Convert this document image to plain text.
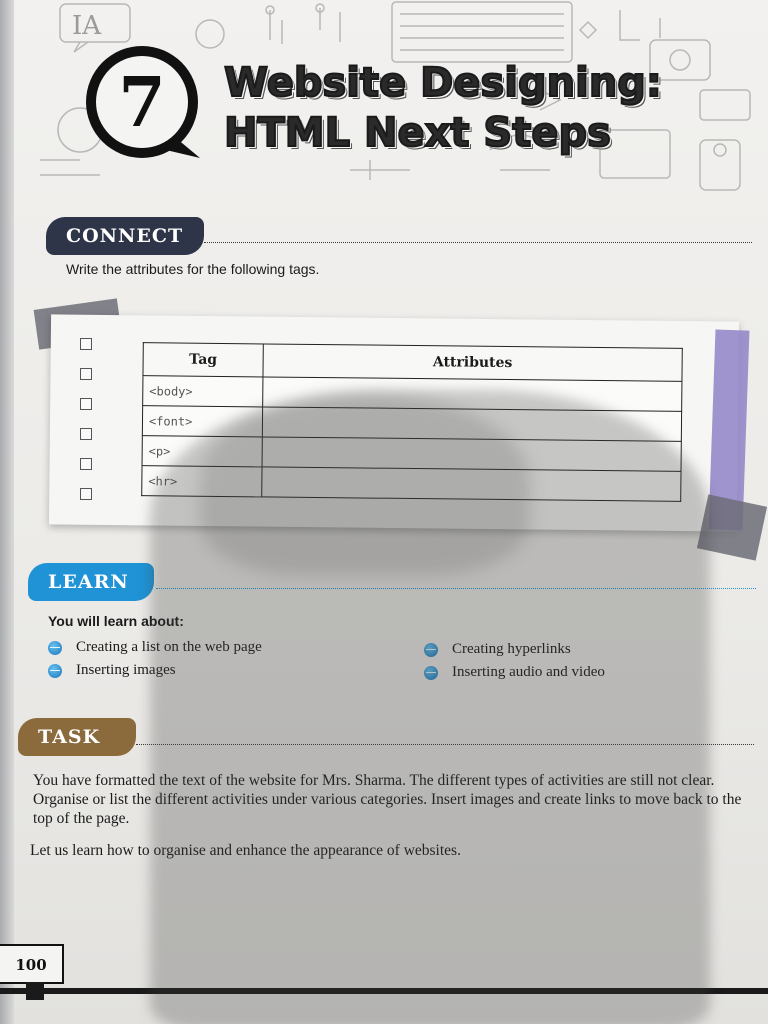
IA
7 Website Designing:
HTML Next Steps
CONNECT
Write the attributes for the following tags.
Tag	Attributes
<body>	
<font>	
<p>	
<hr>	
LEARN
You will learn about:
Creating a list on the web page
Inserting images
Creating hyperlinks
Inserting audio and video
TASK
You have formatted the text of the website for Mrs. Sharma. The different types of activities are still not clear. Organise or list the different activities under various categories. Insert images and create links to move back to the top of the page.
Let us learn how to organise and enhance the appearance of websites.
100
